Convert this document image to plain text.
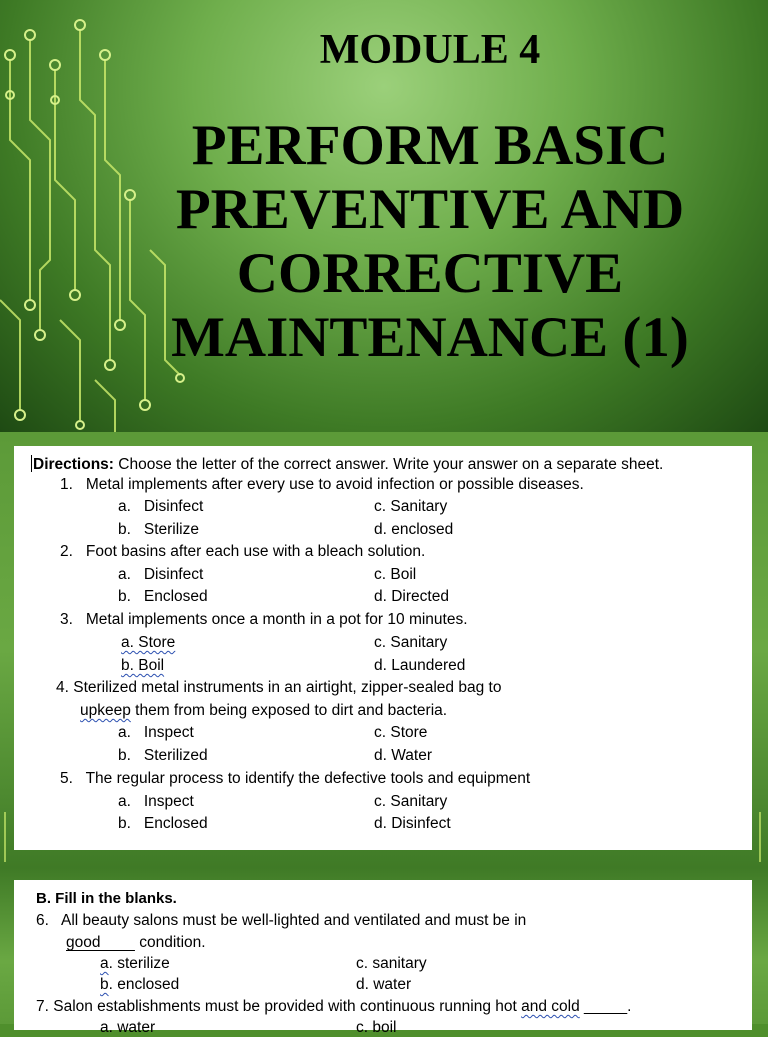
MODULE 4
PERFORM BASIC
PREVENTIVE AND
CORRECTIVE
MAINTENANCE (1)
Directions: Choose the letter of the correct answer. Write your answer on a separate sheet.
1. Metal implements after every use to avoid infection or possible diseases.
a. Disinfect	c. Sanitary
b. Sterilize	d. enclosed
2. Foot basins after each use with a bleach solution.
a. Disinfect	c. Boil
b. Enclosed	d. Directed
3. Metal implements once a month in a pot for 10 minutes.
a. Store	c. Sanitary
b. Boil	d. Laundered
4. Sterilized metal instruments in an airtight, zipper-sealed bag to
upkeep them from being exposed to dirt and bacteria.
a. Inspect	c. Store
b. Sterilized	d. Water
5. The regular process to identify the defective tools and equipment
a. Inspect	c. Sanitary
b. Enclosed	d. Disinfect
B. Fill in the blanks.
6. All beauty salons must be well-lighted and ventilated and must be in
good         condition.
a. sterilize	c. sanitary
b. enclosed	d. water
7. Salon establishments must be provided with continuous running hot and cold _____.
a. water	c. boil
